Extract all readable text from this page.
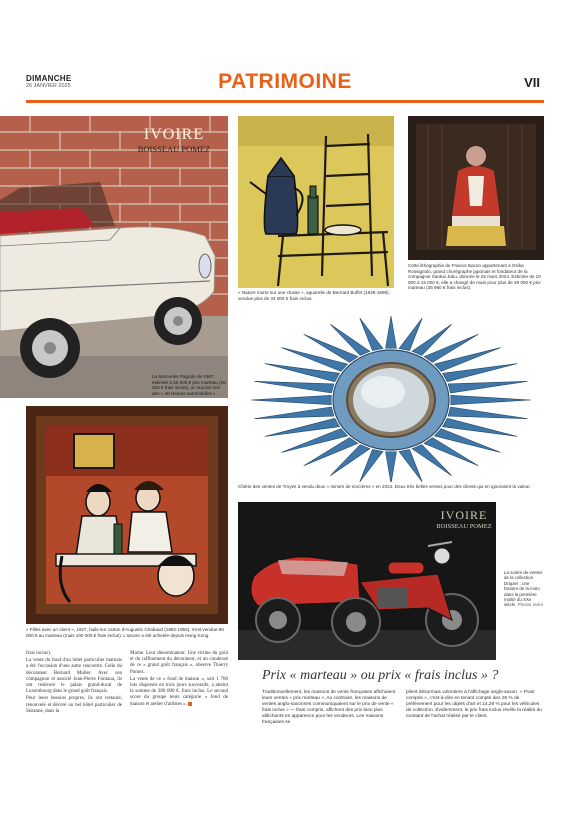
DIMANCHE
26 JANVIER 2025	PATRIMOINE	VII
IVOIRE
BOISSEAU POMEZ
La Mercedes Pagode de 1967 estimée à 50 000 € prix marteau (66 200 € frais inclus), un succès lors des « 40 Heures automobiles ».
« Nature morte sur une chaise », aquarelle de Bernard Buffet (1928-1999), vendue plus de 34 000 € frais inclus.
Cette lithographie de Francis Bacon appartenant à Osika Rossignolo, grand chorégraphe japonais et fondateur de la compagnie Sankai Juku, donnée le 25 mars 2024. Estimée de 10 000 à 15 000 €, elle a changé de main pour plus de 29 000 € prix marteau (35 960 € frais inclus).
Chérie des ventes de Troyes à vendu deux « miroirs de sorcières » en 2024. Deux très belles ventes pour des clients qui en ignoraient la valeur.
« Filles avec un client », 1927, huile sur carton d'Augustin Chabaud (1882-1955), s'est vendue 80 000 € au marteau (mais 100 000 € frais inclus). L'œuvre a été achetée depuis Hong Kong.
IVOIRE
BOISSEAU POMEZ
La soirée de ventes de la collection Drapier : une histoire de la moto dans la première moitié du XXe siècle. Photos Ivoire

frais inclus).

La vente du fond d'un hôtel particulier marnais a été l'occasion d'une autre rencontre. Celle du décorateur Bernard Muller. Avec son compagnon et associé Jean-Pierre Fontana, ils ont redécoré le palais grand-ducal de Luxembourg dans le grand goût français.

Pour leurs besoins propres, ils ont restauré, renouvelé et décoré un bel hôtel particulier de Sézanne, dans la

Marne. Leur dénominateur. Une vitrine du goût et du raffinement du décorateur, et un condensé de ce « grand goût français », observe Thierry Pomez.

La vente de ce « fond de maison », soit 1 700 lots dispersés en trois jours successifs, a atteint la somme de 380 000 €. frais inclus. Le second score du groupe leurs catégorie « fond de maison et atelier d'artistes ».

Prix « marteau » ou prix « frais inclus » ?
Traditionnellement, les maisons de vente françaises affichaient leurs ventes « prix marteau ». Au contraire, les maisons de ventes anglo-saxonnes communiquaient sur le prix de vente « frais inclus » — frais compris, affichent des prix bien plus alléchants en apparence pour les vendeurs. Les maisons françaises se
plient désormais volontiers à l'affichage anglo-saxon. « Frais compris », c'est-à-dire en tenant compte des 25 % de prélèvement pour les objets d'art et 14,28 % pour les véhicules de collection. Évidemment, le prix frais inclus révèle la réalité du montant de l'achat réalisé par le client.
